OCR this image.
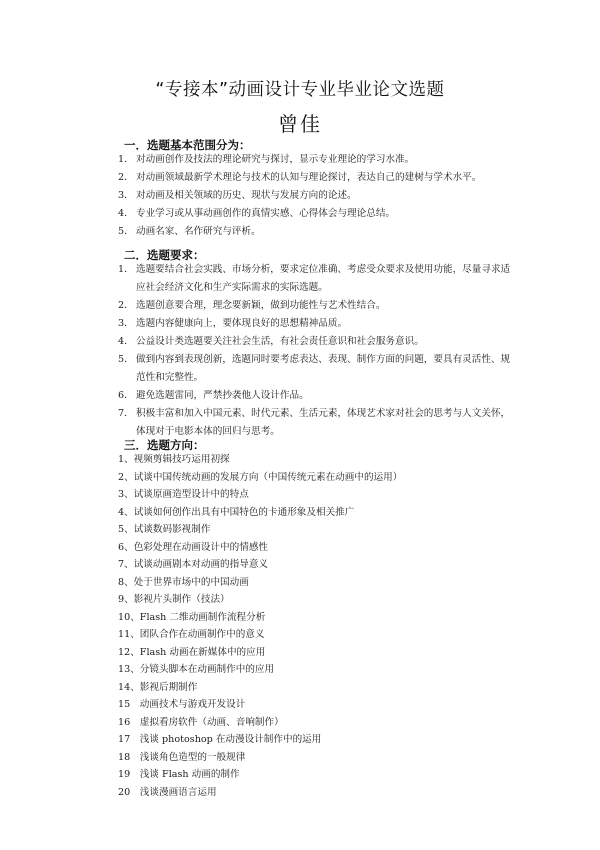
“专接本”动画设计专业毕业论文选题
曾佳
一．选题基本范围分为：
1． 对动画创作及技法的理论研究与探讨，显示专业理论的学习水准。
2． 对动画领域最新学术理论与技术的认知与理论探讨，表达自己的建树与学术水平。
3． 对动画及相关领域的历史、现状与发展方向的论述。
4． 专业学习或从事动画创作的真情实感、心得体会与理论总结。
5． 动画名家、名作研究与评析。
二．选题要求：
1． 选题要结合社会实践、市场分析，要求定位准确、考虑受众要求及使用功能，尽量寻求适应社会经济文化和生产实际需求的实际选题。
2． 选题创意要合理，理念要新颖，做到功能性与艺术性结合。
3． 选题内容健康向上，要体现良好的思想精神品质。
4． 公益设计类选题要关注社会生活，有社会责任意识和社会服务意识。
5． 做到内容到表现创新，选题同时要考虑表达、表现、制作方面的问题，要具有灵活性、规范性和完整性。
6． 避免选题雷同，严禁抄袭他人设计作品。
7． 积极丰富和加入中国元素、时代元素、生活元素，体现艺术家对社会的思考与人文关怀，体现对于电影本体的回归与思考。
三．选题方向：
1、视频剪辑技巧运用初探
2、试谈中国传统动画的发展方向（中国传统元素在动画中的运用）
3、试谈原画造型设计中的特点
4、试谈如何创作出具有中国特色的卡通形象及相关推广
5、试谈数码影视制作
6、色彩处理在动画设计中的情感性
7、试谈动画剧本对动画的指导意义
8、处于世界市场中的中国动画
9、影视片头制作（技法）
10、Flash 二维动画制作流程分析
11、团队合作在动画制作中的意义
12、Flash 动画在新媒体中的应用
13、分镜头脚本在动画制作中的应用
14、影视后期制作
15　动画技术与游戏开发设计
16　虚拟看房软件（动画、音响制作）
17　浅谈 photoshop 在动漫设计制作中的运用
18　浅谈角色造型的一般规律
19　浅谈 Flash 动画的制作
20　浅谈漫画语言运用
